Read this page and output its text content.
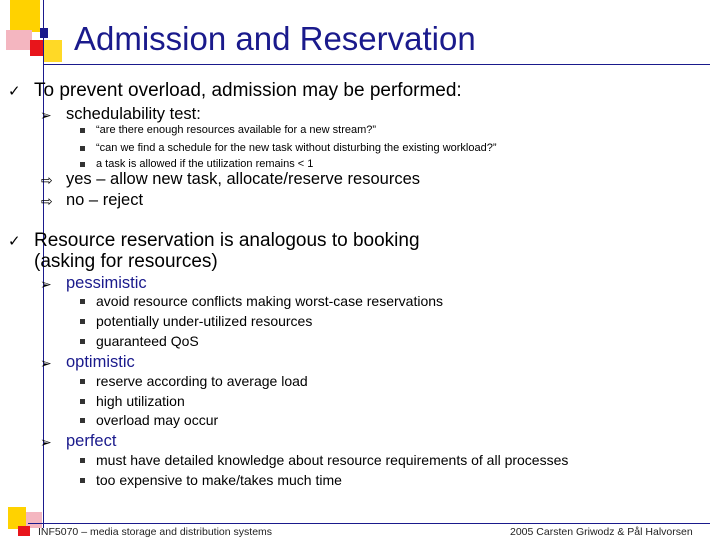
Admission and Reservation
✓ To prevent overload, admission may be performed:
➢ schedulability test:
“are there enough resources available for a new stream?”
“can we find a schedule for the new task without disturbing the existing workload?”
a task is allowed if the utilization remains < 1
⇨ yes – allow new task, allocate/reserve resources
⇨ no – reject
✓ Resource reservation is analogous to booking
(asking for resources)
➢ pessimistic
avoid resource conflicts making worst-case reservations
potentially under-utilized resources
guaranteed QoS
➢ optimistic
reserve according to average load
high utilization
overload may occur
➢ perfect
must have detailed knowledge about resource requirements of all processes
too expensive to make/takes much time
INF5070 – media storage and distribution systems	2005 Carsten Griwodz & Pål Halvorsen
